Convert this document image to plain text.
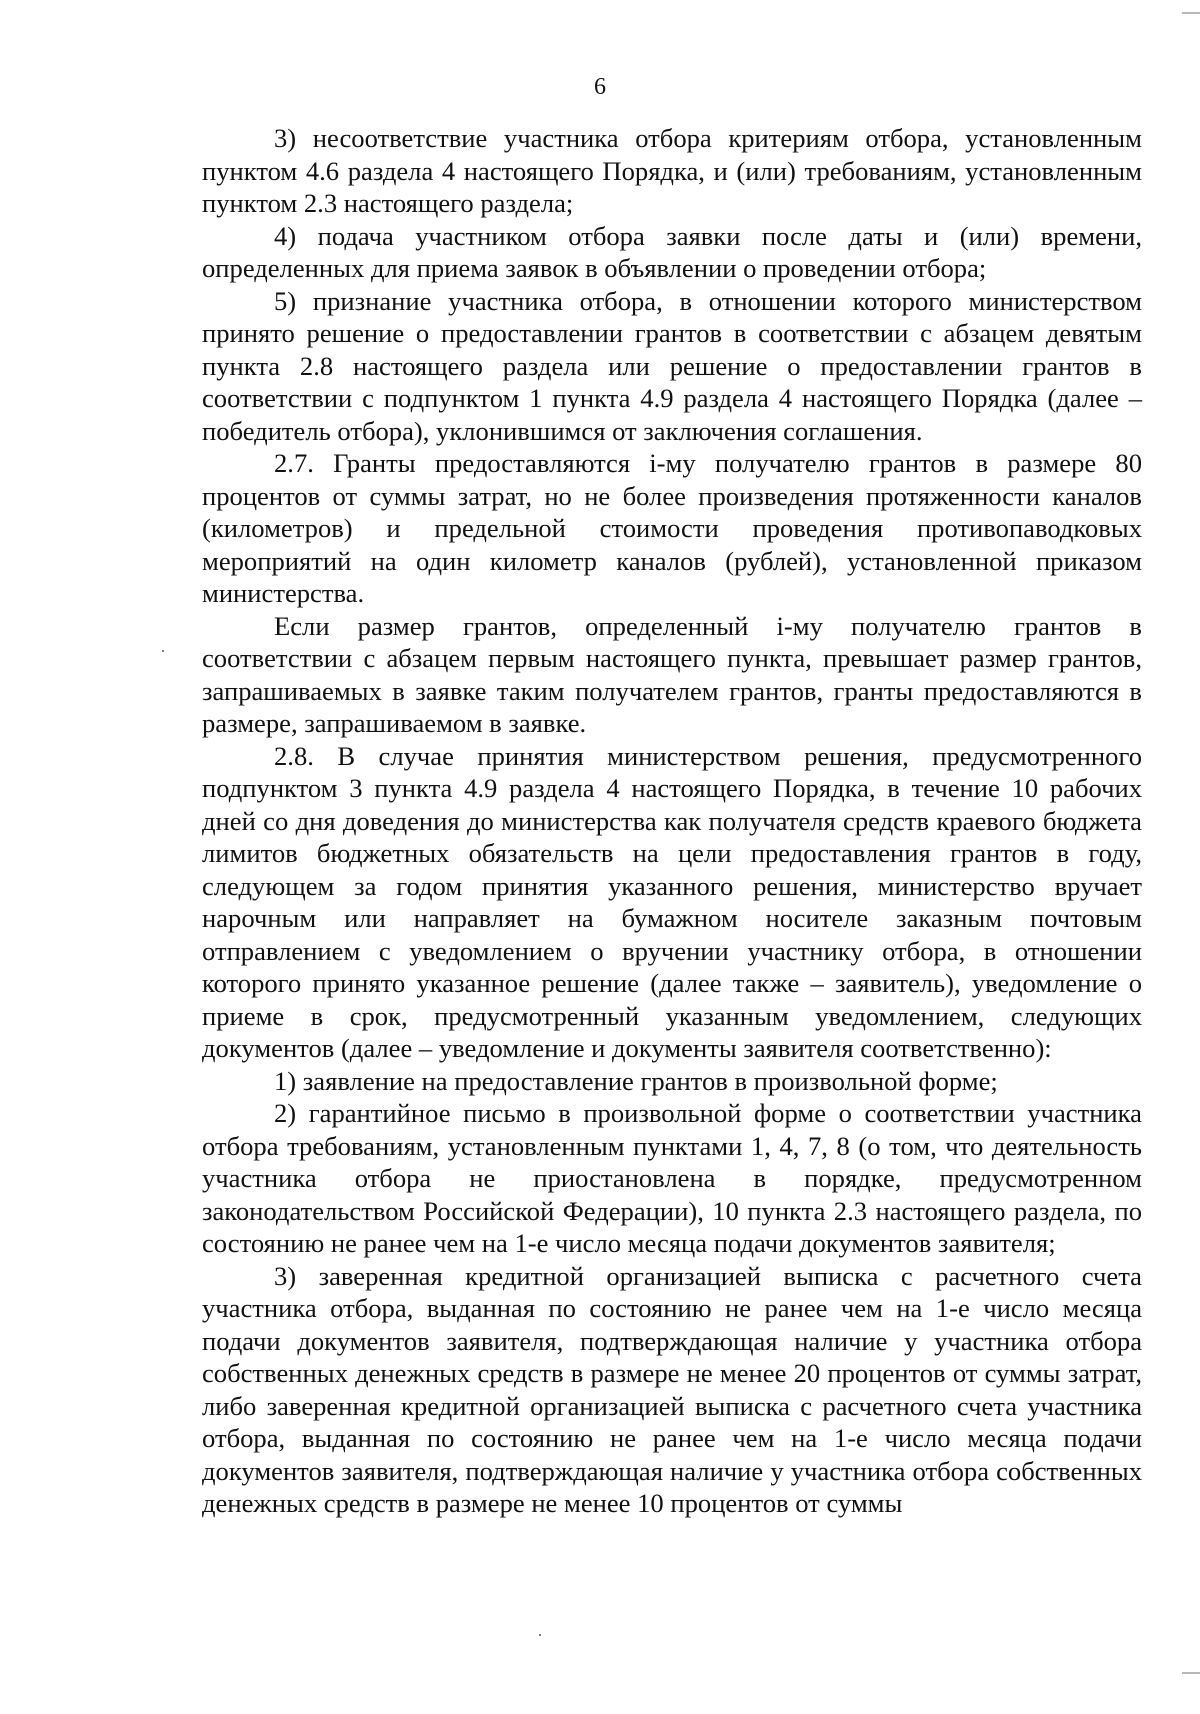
6

3) несоответствие участника отбора критериям отбора, установленным пунктом 4.6 раздела 4 настоящего Порядка, и (или) требованиям, установленным пунктом 2.3 настоящего раздела;

4) подача участником отбора заявки после даты и (или) времени, определенных для приема заявок в объявлении о проведении отбора;

5) признание участника отбора, в отношении которого министерством принято решение о предоставлении грантов в соответствии с абзацем девятым пункта 2.8 настоящего раздела или решение о предоставлении грантов в соответствии с подпунктом 1 пункта 4.9 раздела 4 настоящего Порядка (далее – победитель отбора), уклонившимся от заключения соглашения.

2.7. Гранты предоставляются i-му получателю грантов в размере 80 процентов от суммы затрат, но не более произведения протяженности каналов (километров) и предельной стоимости проведения противопаводковых мероприятий на один километр каналов (рублей), установленной приказом министерства.

Если размер грантов, определенный i-му получателю грантов в соответствии с абзацем первым настоящего пункта, превышает размер грантов, запрашиваемых в заявке таким получателем грантов, гранты предоставляются в размере, запрашиваемом в заявке.

2.8. В случае принятия министерством решения, предусмотренного подпунктом 3 пункта 4.9 раздела 4 настоящего Порядка, в течение 10 рабочих дней со дня доведения до министерства как получателя средств краевого бюджета лимитов бюджетных обязательств на цели предоставления грантов в году, следующем за годом принятия указанного решения, министерство вручает нарочным или направляет на бумажном носителе заказным почтовым отправлением с уведомлением о вручении участнику отбора, в отношении которого принято указанное решение (далее также – заявитель), уведомление о приеме в срок, предусмотренный указанным уведомлением, следующих документов (далее – уведомление и документы заявителя соответственно):

1) заявление на предоставление грантов в произвольной форме;

2) гарантийное письмо в произвольной форме о соответствии участника отбора требованиям, установленным пунктами 1, 4, 7, 8 (о том, что деятельность участника отбора не приостановлена в порядке, предусмотренном законодательством Российской Федерации), 10 пункта 2.3 настоящего раздела, по состоянию не ранее чем на 1-е число месяца подачи документов заявителя;

3) заверенная кредитной организацией выписка с расчетного счета участника отбора, выданная по состоянию не ранее чем на 1-е число месяца подачи документов заявителя, подтверждающая наличие у участника отбора собственных денежных средств в размере не менее 20 процентов от суммы затрат, либо заверенная кредитной организацией выписка с расчетного счета участника отбора, выданная по состоянию не ранее чем на 1-е число месяца подачи документов заявителя, подтверждающая наличие у участника отбора собственных денежных средств в размере не менее 10 процентов от суммы
